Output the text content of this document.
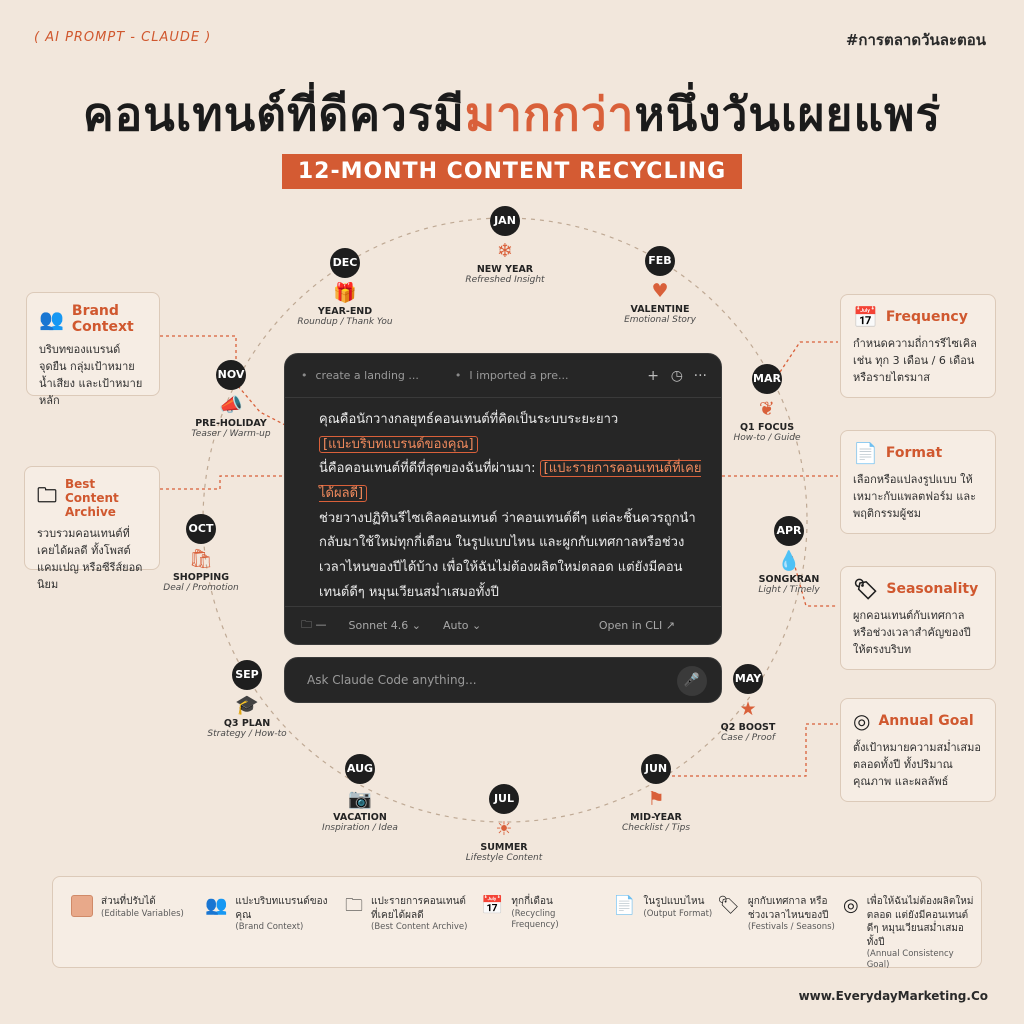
( AI PROMPT - CLAUDE )	#การตลาดวันละตอน
คอนเทนต์ที่ดีควรมีมากกว่าหนึ่งวันเผยแพร่
12-MONTH CONTENT RECYCLING
JAN
❄
NEW YEAR
Refreshed Insight
FEB
♥
VALENTINE
Emotional Story
MAR
❦
Q1 FOCUS
How-to / Guide
APR
💧
SONGKRAN
Light / Timely
MAY
★
Q2 BOOST
Case / Proof
JUN
⚑
MID-YEAR
Checklist / Tips
JUL
☀
SUMMER
Lifestyle Content
AUG
📷
VACATION
Inspiration / Idea
SEP
🎓
Q3 PLAN
Strategy / How-to
OCT
🛍
SHOPPING
Deal / Promotion
NOV
📣
PRE-HOLIDAY
Teaser / Warm-up
DEC
🎁
YEAR-END
Roundup / Thank You
👥 Brand Context
บริบทของแบรนด์ จุดยืน กลุ่มเป้าหมาย น้ำเสียง และเป้าหมายหลัก
🗀 Best Content Archive
รวบรวมคอนเทนต์ที่เคยได้ผลดี ทั้งโพสต์ แคมเปญ หรือซีรีส์ยอดนิยม
📅 Frequency
กำหนดความถี่การรีไซเคิล เช่น ทุก 3 เดือน / 6 เดือน หรือรายไตรมาส
📄 Format
เลือกหรือแปลงรูปแบบ ให้เหมาะกับแพลตฟอร์ม และพฤติกรรมผู้ชม
🏷 Seasonality
ผูกคอนเทนต์กับเทศกาล หรือช่วงเวลาสำคัญของปี ให้ตรงบริบท
◎ Annual Goal
ตั้งเป้าหมายความสม่ำเสมอ ตลอดทั้งปี ทั้งปริมาณ คุณภาพ และผลลัพธ์
• create a landing ...
•	I imported a pre...	+ ◷ ···
คุณคือนักวางกลยุทธ์คอนเทนต์ที่คิดเป็นระบบระยะยาว
[แปะบริบทแบรนด์ของคุณ]
นี่คือคอนเทนต์ที่ดีที่สุดของฉันที่ผ่านมา: [แปะรายการคอนเทนต์ที่เคยได้ผลดี]
ช่วยวางปฏิทินรีไซเคิลคอนเทนต์ ว่าคอนเทนต์ดีๆ แต่ละชิ้นควรถูกนำกลับมาใช้ใหม่ทุกกี่เดือน ในรูปแบบไหน และผูกกับเทศกาลหรือช่วงเวลาไหนของปีได้บ้าง เพื่อให้ฉันไม่ต้องผลิตใหม่ตลอด แต่ยังมีคอนเทนต์ดีๆ หมุนเวียนสม่ำเสมอทั้งปี
🗀 — Sonnet 4.6 ⌄ Auto ⌄	Open in CLI ↗
Ask Claude Code anything...	🎤
ส่วนที่ปรับได้
(Editable Variables) 👥 แปะบริบทแบรนด์ของคุณ
(Brand Context)
🗀 แปะรายการคอนเทนต์ ที่เคยได้ผลดี
(Best Content Archive)
📅 ทุกกี่เดือน
(Recycling Frequency)
📄 ในรูปแบบไหน
(Output Format) 🏷 ผูกกับเทศกาล หรือช่วงเวลาไหนของปี
(Festivals / Seasons)
◎ เพื่อให้ฉันไม่ต้องผลิตใหม่ ตลอด แต่ยังมีคอนเทนต์ดีๆ หมุนเวียนสม่ำเสมอทั้งปี
(Annual Consistency Goal)
www.EverydayMarketing.Co
